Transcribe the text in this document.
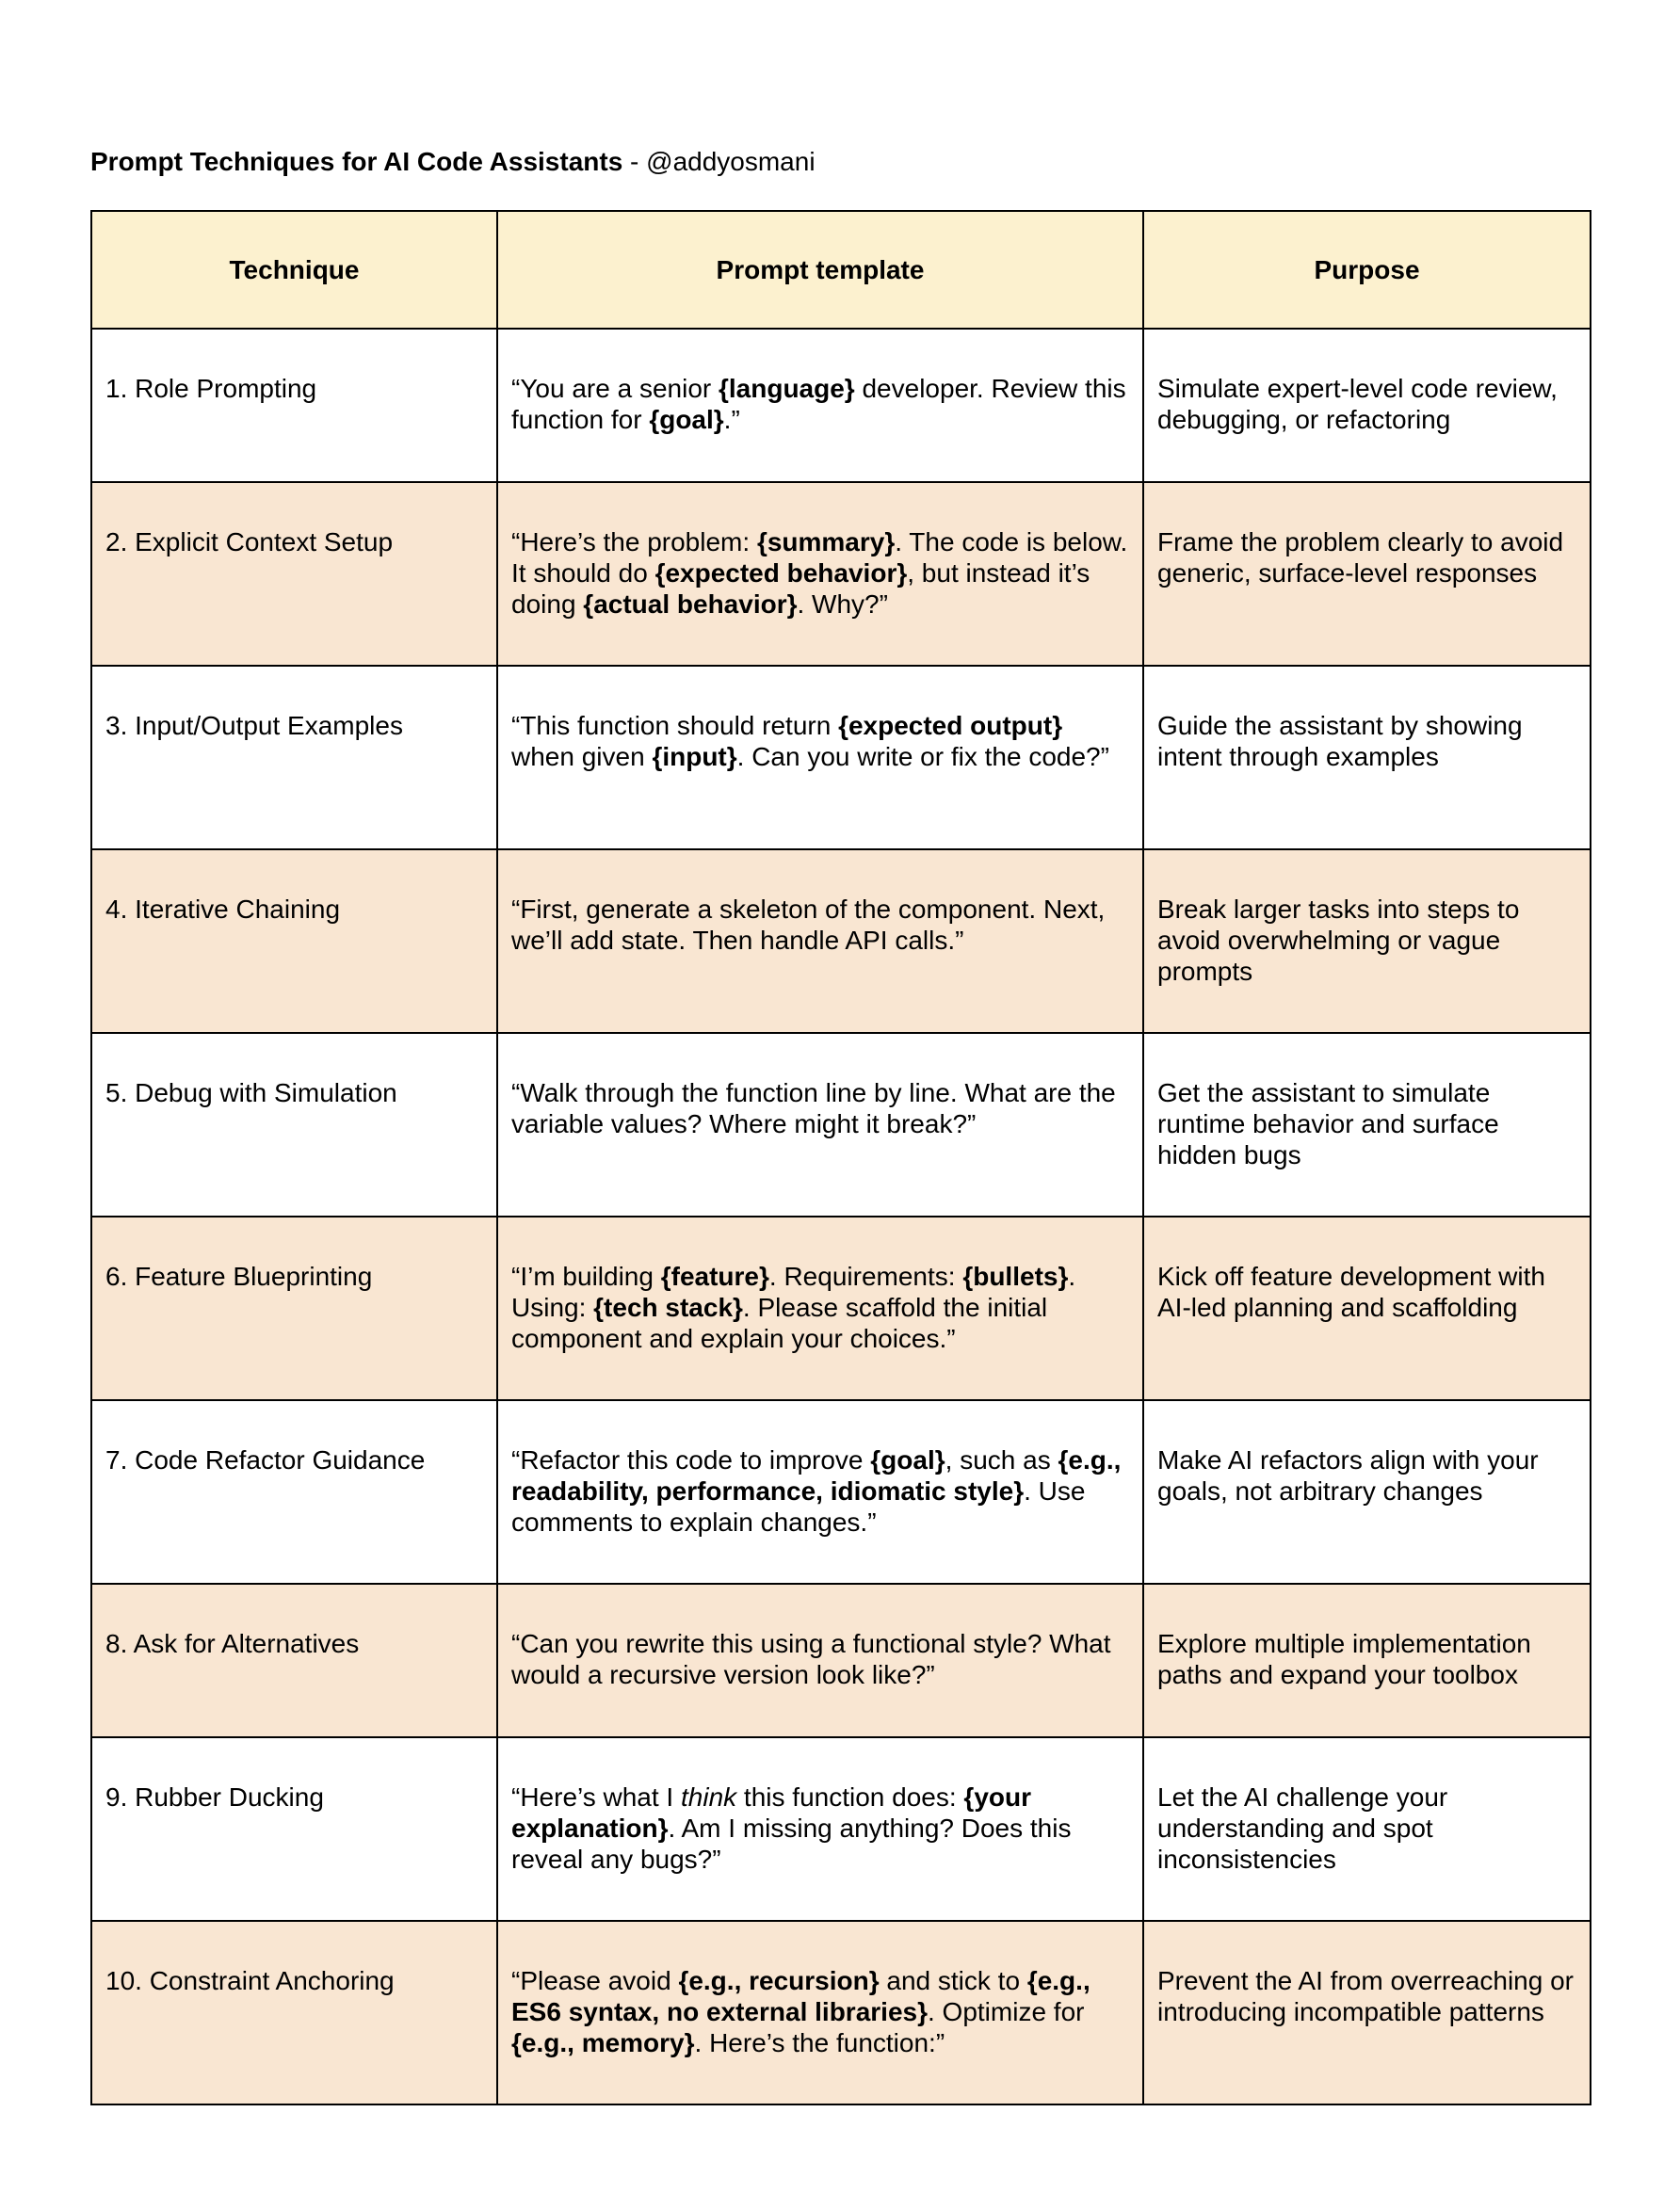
Prompt Techniques for AI Code Assistants - @addyosmani
Technique	Prompt template	Purpose
1. Role Prompting	“You are a senior {language} developer. Review this function for {goal}.”	Simulate expert-level code review, debugging, or refactoring
2. Explicit Context Setup	“Here’s the problem: {summary}. The code is below. It should do {expected behavior}, but instead it’s doing {actual behavior}. Why?”	Frame the problem clearly to avoid generic, surface-level responses
3. Input/Output Examples	“This function should return {expected output} when given {input}. Can you write or fix the code?”	Guide the assistant by showing intent through examples
4. Iterative Chaining	“First, generate a skeleton of the component. Next, we’ll add state. Then handle API calls.”	Break larger tasks into steps to avoid overwhelming or vague prompts
5. Debug with Simulation	“Walk through the function line by line. What are the variable values? Where might it break?”	Get the assistant to simulate runtime behavior and surface hidden bugs
6. Feature Blueprinting	“I’m building {feature}. Requirements: {bullets}. Using: {tech stack}. Please scaffold the initial component and explain your choices.”	Kick off feature development with AI-led planning and scaffolding
7. Code Refactor Guidance	“Refactor this code to improve {goal}, such as {e.g., readability, performance, idiomatic style}. Use comments to explain changes.”	Make AI refactors align with your goals, not arbitrary changes
8. Ask for Alternatives	“Can you rewrite this using a functional style? What would a recursive version look like?”	Explore multiple implementation paths and expand your toolbox
9. Rubber Ducking	“Here’s what I think this function does: {your explanation}. Am I missing anything? Does this reveal any bugs?”	Let the AI challenge your understanding and spot inconsistencies
10. Constraint Anchoring	“Please avoid {e.g., recursion} and stick to {e.g., ES6 syntax, no external libraries}. Optimize for {e.g., memory}. Here’s the function:”	Prevent the AI from overreaching or introducing incompatible patterns
